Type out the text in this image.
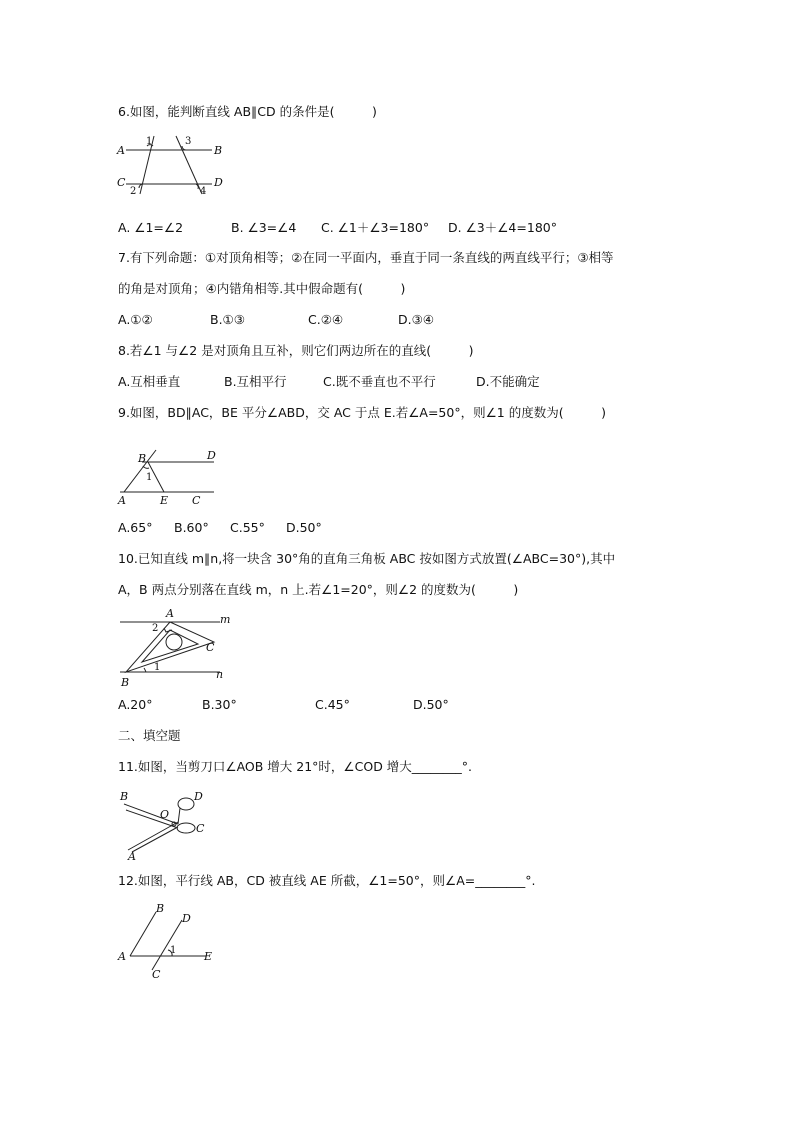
6.如图，能判断直线 AB∥CD 的条件是(　　　)
A	B
C	D
1	3
2	4
A. ∠1=∠2	B. ∠3=∠4 C. ∠1＋∠3=180° D. ∠3＋∠4=180°
7.有下列命题：①对顶角相等；②在同一平面内，垂直于同一条直线的两直线平行；③相等
的角是对顶角；④内错角相等.其中假命题有(　　　)
A.①②	B.①③	C.②④	D.③④
8.若∠1 与∠2 是对顶角且互补，则它们两边所在的直线(　　　)
A.互相垂直	B.互相平行	C.既不垂直也不平行	D.不能确定
9.如图，BD∥AC，BE 平分∠ABD，交 AC 于点 E.若∠A=50°，则∠1 的度数为(　　　)
B	D
1
A	E C
A.65° B.60° C.55° D.50°
10.已知直线 m∥n,将一块含 30°角的直角三角板 ABC 按如图方式放置(∠ABC=30°),其中
A，B 两点分别落在直线 m，n 上.若∠1=20°，则∠2 的度数为(　　　)
A	m
2
C
1
n
B
A.20°	B.30°	C.45°	D.50°
二、填空题
11.如图，当剪刀口∠AOB 增大 21°时，∠COD 增大________°.
B
O
D
C
A
12.如图，平行线 AB，CD 被直线 AE 所截，∠1=50°，则∠A=________°.
B
D
A	1	E
C
